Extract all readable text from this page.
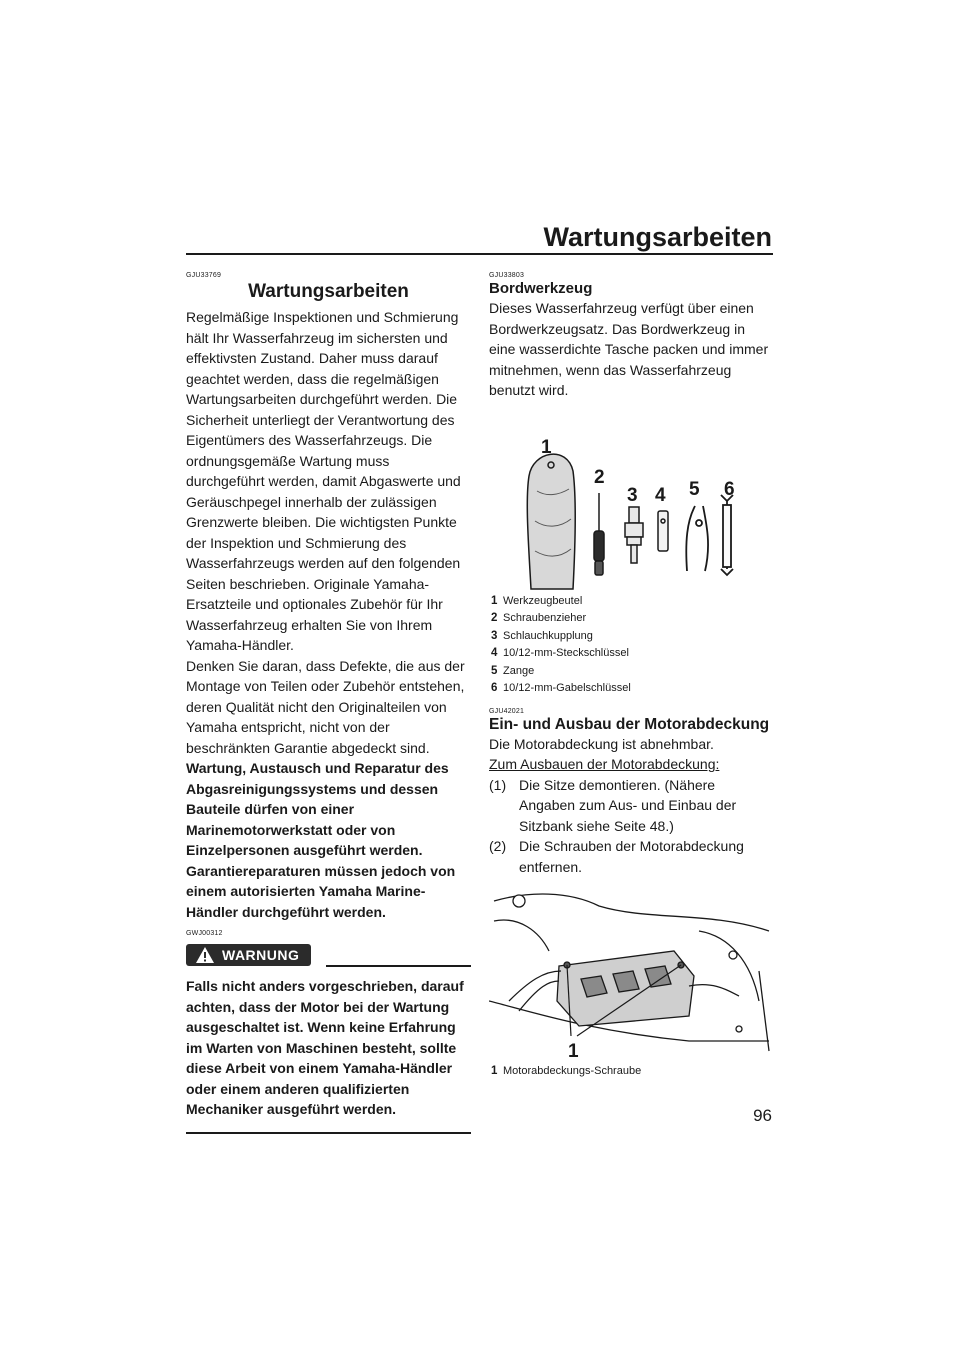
Wartungsarbeiten
GJU33769
Wartungsarbeiten

Regelmäßige Inspektionen und Schmierung hält Ihr Wasserfahrzeug im sichersten und effektivsten Zustand. Daher muss darauf geachtet werden, dass die regelmäßigen Wartungsarbeiten durchgeführt werden. Die Sicherheit unterliegt der Verantwortung des Eigentümers des Wasserfahrzeugs. Die ordnungsgemäße Wartung muss durchgeführt werden, damit Abgaswerte und Geräuschpegel innerhalb der zulässigen Grenzwerte bleiben. Die wichtigsten Punkte der Inspektion und Schmierung des Wasserfahrzeugs werden auf den folgenden Seiten beschrieben. Originale Yamaha-Ersatzteile und optionales Zubehör für Ihr Wasserfahrzeug erhalten Sie von Ihrem Yamaha-Händler.

Denken Sie daran, dass Defekte, die aus der Montage von Teilen oder Zubehör entstehen, deren Qualität nicht den Originalteilen von Yamaha entspricht, nicht von der beschränkten Garantie abgedeckt sind.

Wartung, Austausch und Reparatur des Abgasreinigungssystems und dessen Bauteile dürfen von einer Marinemotorwerkstatt oder von Einzelpersonen ausgeführt werden. Garantiereparaturen müssen jedoch von einem autorisierten Yamaha Marine-Händler durchgeführt werden.

GWJ00312
WARNUNG

Falls nicht anders vorgeschrieben, darauf achten, dass der Motor bei der Wartung ausgeschaltet ist. Wenn keine Erfahrung im Warten von Maschinen besteht, sollte diese Arbeit von einem Yamaha-Händler oder einem anderen qualifizierten Mechaniker ausgeführt werden.

GJU33803
Bordwerkzeug

Dieses Wasserfahrzeug verfügt über einen Bordwerkzeugsatz. Das Bordwerkzeug in eine wasserdichte Tasche packen und immer mitnehmen, wenn das Wasserfahrzeug benutzt wird.

1
2
3 4 5 6
1 Werkzeugbeutel
2 Schraubenzieher
3 Schlauchkupplung
4 10/12-mm-Steckschlüssel
5 Zange
6 10/12-mm-Gabelschlüssel
GJU42021
Ein- und Ausbau der Motorabdeckung

Die Motorabdeckung ist abnehmbar.

Zum Ausbauen der Motorabdeckung:

(1) Die Sitze demontieren. (Nähere Angaben zum Aus- und Einbau der Sitzbank siehe Seite 48.)
(2) Die Schrauben der Motorabdeckung entfernen.
1
1 Motorabdeckungs-Schraube
96
